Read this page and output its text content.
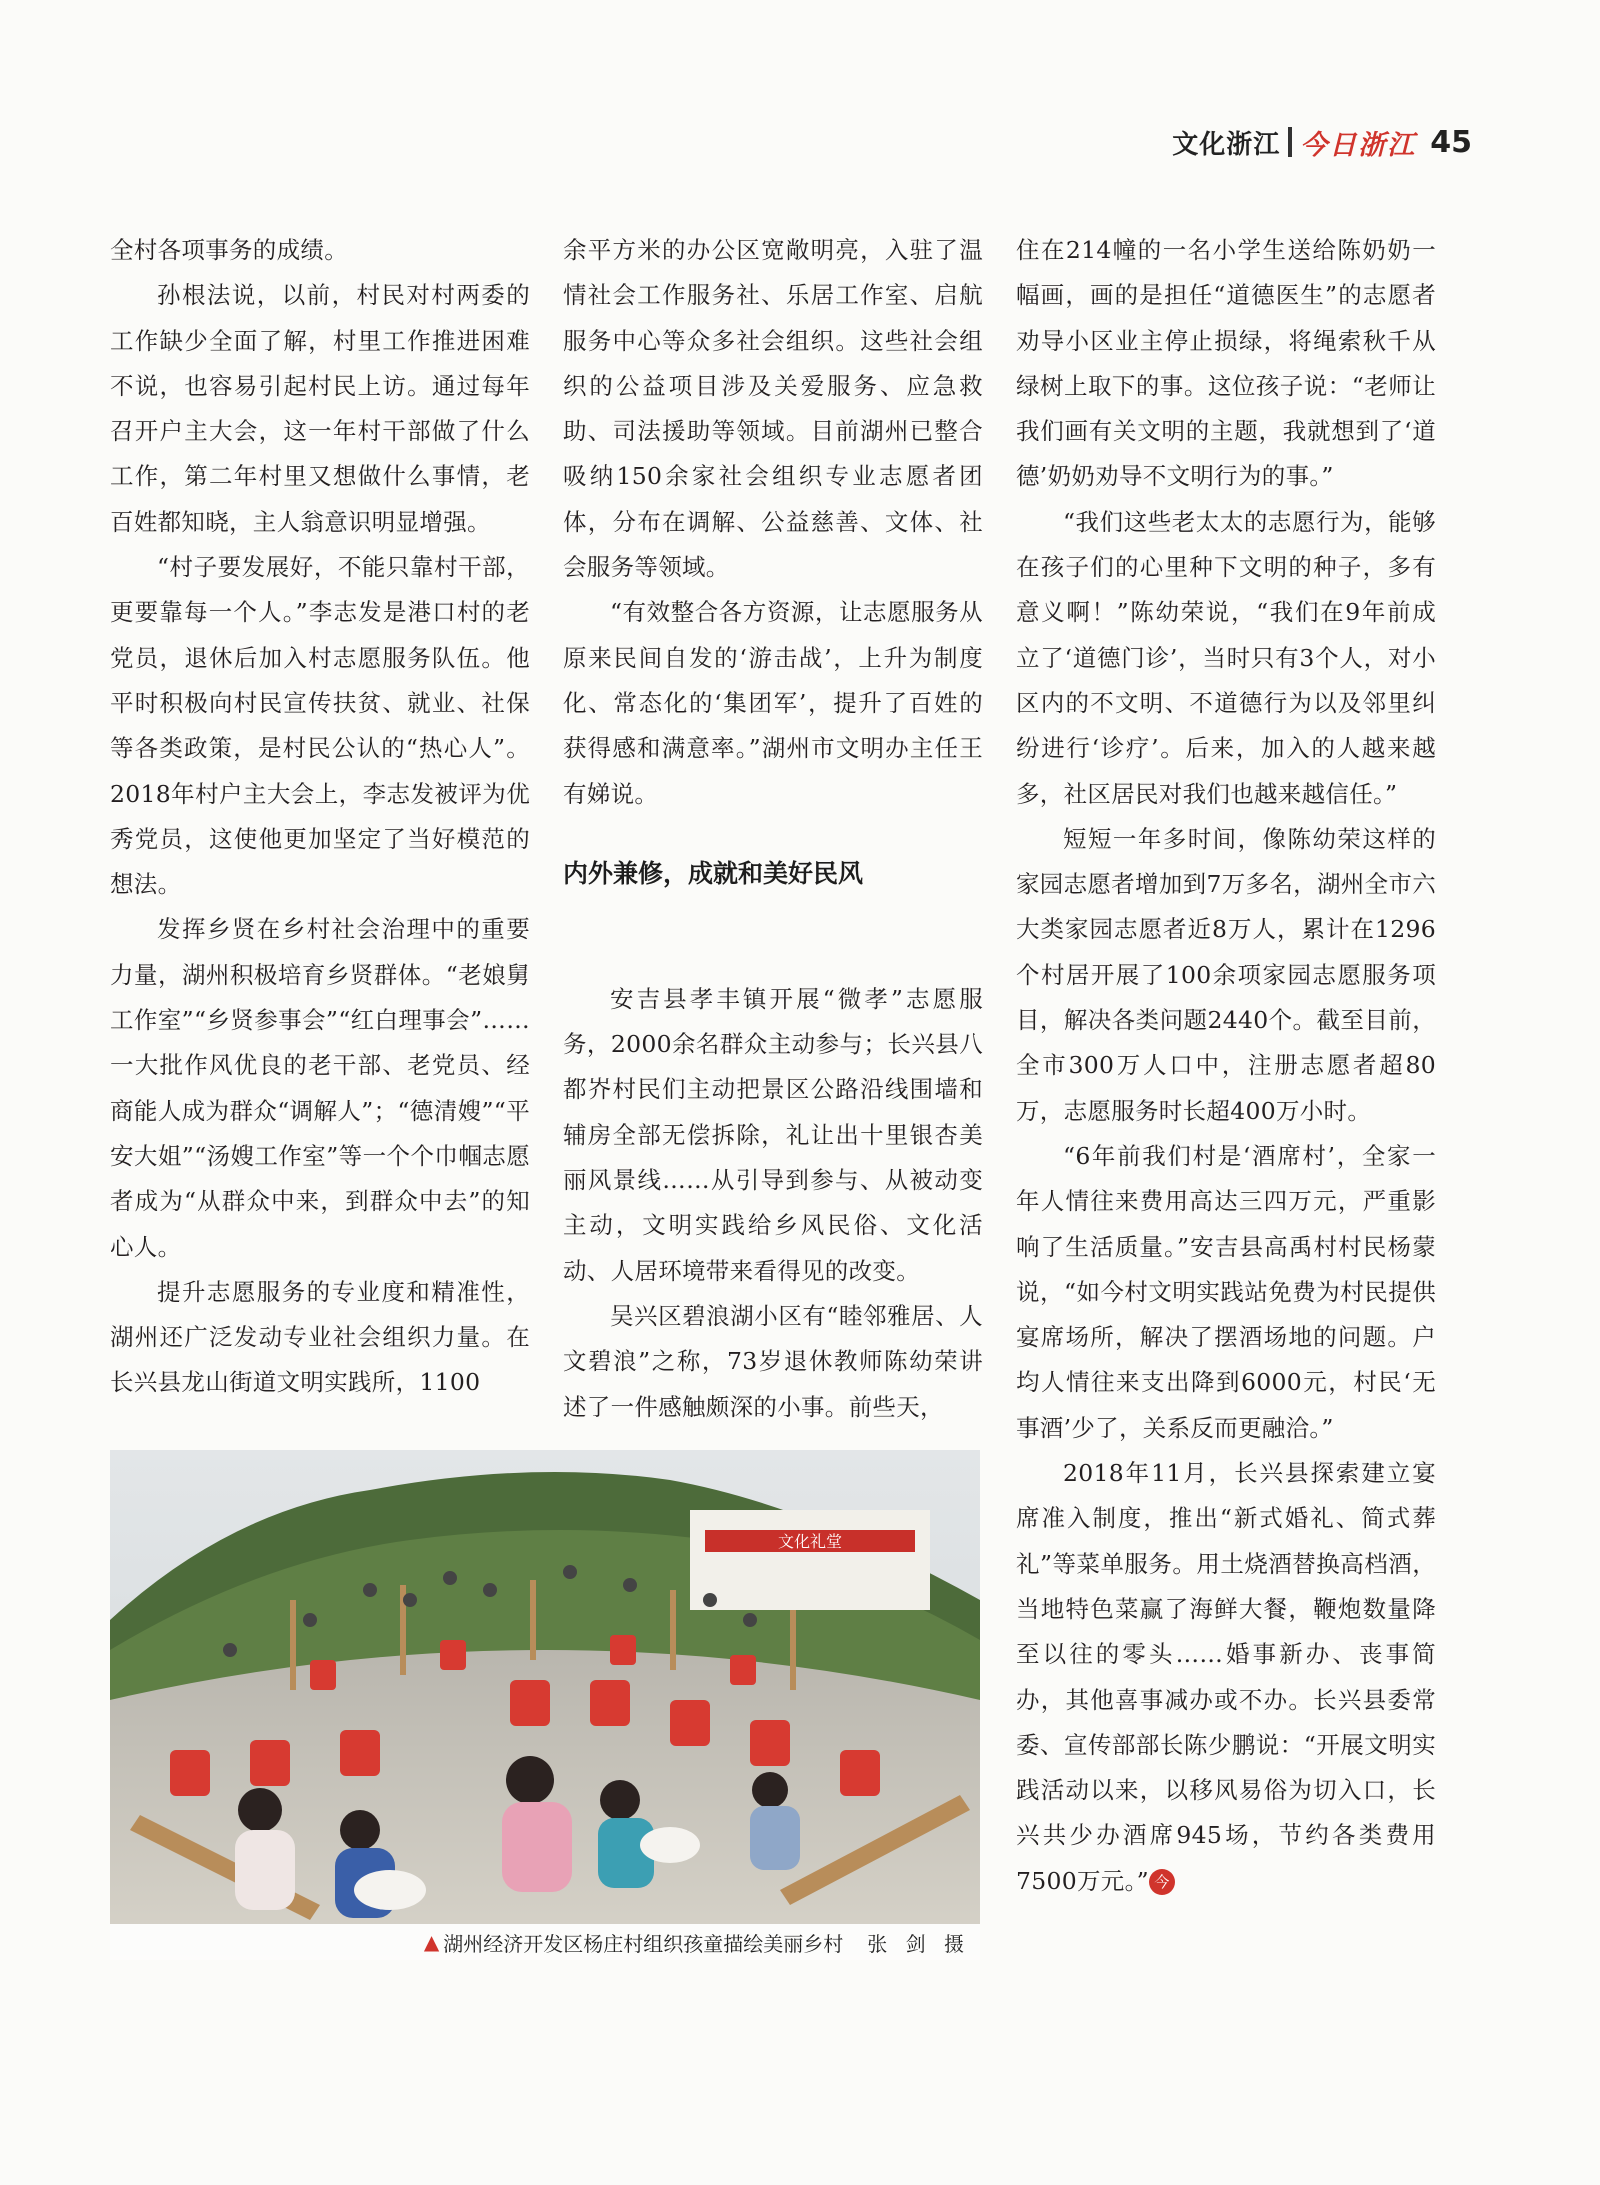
文化浙江 今日浙江 45

全村各项事务的成绩。

孙根法说，以前，村民对村两委的工作缺少全面了解，村里工作推进困难不说，也容易引起村民上访。通过每年召开户主大会，这一年村干部做了什么工作，第二年村里又想做什么事情，老百姓都知晓，主人翁意识明显增强。

“村子要发展好，不能只靠村干部，更要靠每一个人。”李志发是港口村的老党员，退休后加入村志愿服务队伍。他平时积极向村民宣传扶贫、就业、社保等各类政策，是村民公认的“热心人”。2018年村户主大会上，李志发被评为优秀党员，这使他更加坚定了当好模范的想法。

发挥乡贤在乡村社会治理中的重要力量，湖州积极培育乡贤群体。“老娘舅工作室”“乡贤参事会”“红白理事会”……一大批作风优良的老干部、老党员、经商能人成为群众“调解人”；“德清嫂”“平安大姐”“汤嫂工作室”等一个个巾帼志愿者成为“从群众中来，到群众中去”的知心人。

提升志愿服务的专业度和精准性，湖州还广泛发动专业社会组织力量。在长兴县龙山街道文明实践所，1100

余平方米的办公区宽敞明亮，入驻了温情社会工作服务社、乐居工作室、启航服务中心等众多社会组织。这些社会组织的公益项目涉及关爱服务、应急救助、司法援助等领域。目前湖州已整合吸纳150余家社会组织专业志愿者团体，分布在调解、公益慈善、文体、社会服务等领域。

“有效整合各方资源，让志愿服务从原来民间自发的‘游击战’，上升为制度化、常态化的‘集团军’，提升了百姓的获得感和满意率。”湖州市文明办主任王有娣说。

内外兼修，成就和美好民风

安吉县孝丰镇开展“微孝”志愿服务，2000余名群众主动参与；长兴县八都岕村民们主动把景区公路沿线围墙和辅房全部无偿拆除，礼让出十里银杏美丽风景线……从引导到参与、从被动变主动，文明实践给乡风民俗、文化活动、人居环境带来看得见的改变。

吴兴区碧浪湖小区有“睦邻雅居、人文碧浪”之称，73岁退休教师陈幼荣讲述了一件感触颇深的小事。前些天，

住在214幢的一名小学生送给陈奶奶一幅画，画的是担任“道德医生”的志愿者劝导小区业主停止损绿，将绳索秋千从绿树上取下的事。这位孩子说：“老师让我们画有关文明的主题，我就想到了‘道德’奶奶劝导不文明行为的事。”

“我们这些老太太的志愿行为，能够在孩子们的心里种下文明的种子，多有意义啊！”陈幼荣说，“我们在9年前成立了‘道德门诊’，当时只有3个人，对小区内的不文明、不道德行为以及邻里纠纷进行‘诊疗’。后来，加入的人越来越多，社区居民对我们也越来越信任。”

短短一年多时间，像陈幼荣这样的家园志愿者增加到7万多名，湖州全市六大类家园志愿者近8万人，累计在1296个村居开展了100余项家园志愿服务项目，解决各类问题2440个。截至目前，全市300万人口中，注册志愿者超80万，志愿服务时长超400万小时。

“6年前我们村是‘酒席村’，全家一年人情往来费用高达三四万元，严重影响了生活质量。”安吉县高禹村村民杨蒙说，“如今村文明实践站免费为村民提供宴席场所，解决了摆酒场地的问题。户均人情往来支出降到6000元，村民‘无事酒’少了，关系反而更融洽。”

2018年11月，长兴县探索建立宴席准入制度，推出“新式婚礼、简式葬礼”等菜单服务。用土烧酒替换高档酒，当地特色菜赢了海鲜大餐，鞭炮数量降至以往的零头……婚事新办、丧事简办，其他喜事减办或不办。长兴县委常委、宣传部部长陈少鹏说：“开展文明实践活动以来，以移风易俗为切入口，长兴共少办酒席945场，节约各类费用7500万元。” 今

文化礼堂
▲ 湖州经济开发区杨庄村组织孩童描绘美丽乡村 张 剑 摄
